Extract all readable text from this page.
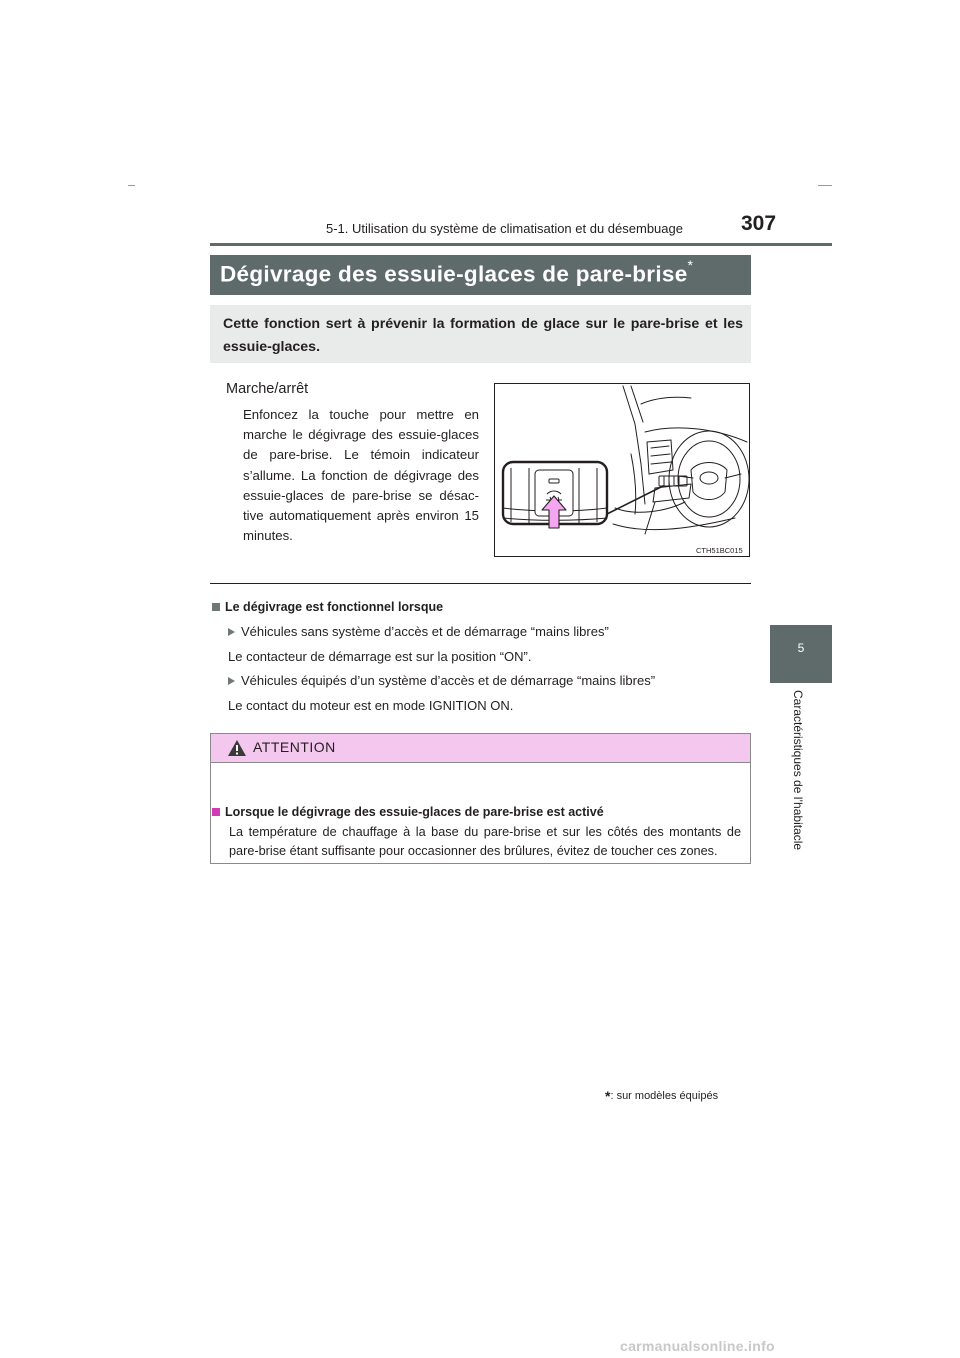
5-1. Utilisation du système de climatisation et du désembuage	307
5
Caractéristiques de l’habitacle
Dégivrage des essuie-glaces de pare-brise*
Cette fonction sert à prévenir la formation de glace sur le pare-brise et les essuie-glaces.
Marche/arrêt
Enfoncez la touche pour mettre en marche le dégivrage des essuie-glaces de pare-brise. Le témoin indicateur s’allume. La fonction de dégivrage des essuie-glaces de pare-brise se désac-tive automatiquement après environ 15 minutes.
CTH51BC015
Le dégivrage est fonctionnel lorsque
Véhicules sans système d’accès et de démarrage “mains libres”
Le contacteur de démarrage est sur la position “ON”.
Véhicules équipés d’un système d’accès et de démarrage “mains libres”
Le contact du moteur est en mode IGNITION ON.
ATTENTION
Lorsque le dégivrage des essuie-glaces de pare-brise est activé
La température de chauffage à la base du pare-brise et sur les côtés des montants de pare-brise étant suffisante pour occasionner des brûlures, évitez de toucher ces zones.
*: sur modèles équipés
carmanualsonline.info
